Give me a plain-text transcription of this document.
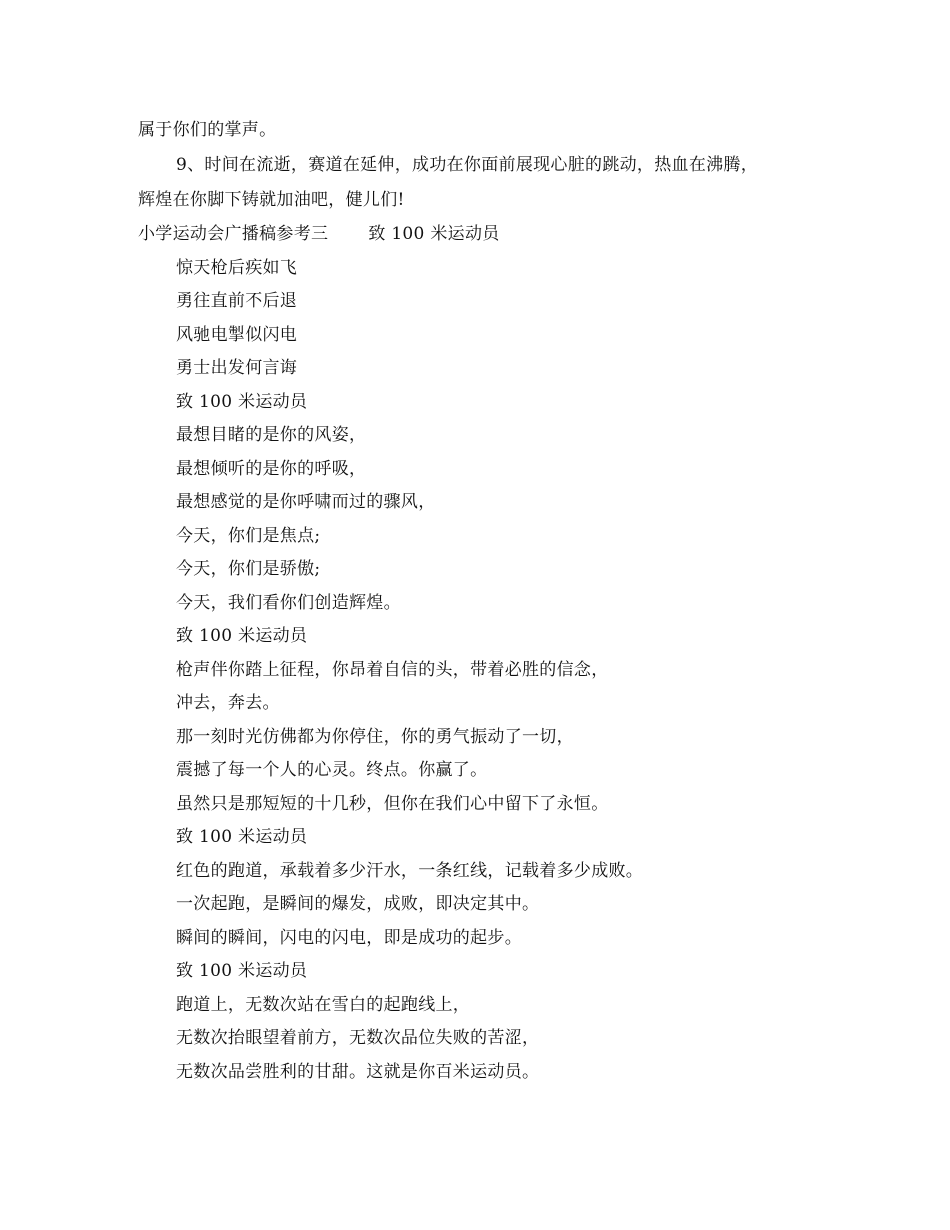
属于你们的掌声。
9、时间在流逝，赛道在延伸，成功在你面前展现心脏的跳动，热血在沸腾，
辉煌在你脚下铸就加油吧，健儿们!
小学运动会广播稿参考三 致 100 米运动员
惊天枪后疾如飞
勇往直前不后退
风驰电掣似闪电
勇士出发何言诲
致 100 米运动员
最想目睹的是你的风姿，
最想倾听的是你的呼吸，
最想感觉的是你呼啸而过的骤风，
今天，你们是焦点;
今天，你们是骄傲;
今天，我们看你们创造辉煌。
致 100 米运动员
枪声伴你踏上征程，你昂着自信的头，带着必胜的信念，
冲去，奔去。
那一刻时光仿佛都为你停住，你的勇气振动了一切，
震撼了每一个人的心灵。终点。你赢了。
虽然只是那短短的十几秒，但你在我们心中留下了永恒。
致 100 米运动员
红色的跑道，承载着多少汗水，一条红线，记载着多少成败。
一次起跑，是瞬间的爆发，成败，即决定其中。
瞬间的瞬间，闪电的闪电，即是成功的起步。
致 100 米运动员
跑道上，无数次站在雪白的起跑线上，
无数次抬眼望着前方，无数次品位失败的苦涩，
无数次品尝胜利的甘甜。这就是你百米运动员。
